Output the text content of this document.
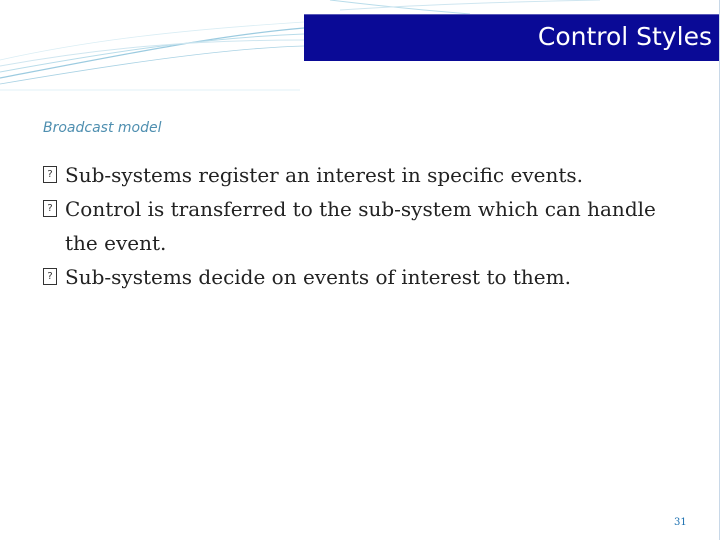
Control Styles
Broadcast model
? Sub-systems register an interest in specific events.
? Control is transferred to the sub-system which can handle the event.
? Sub-systems decide on events of interest to them.
31
